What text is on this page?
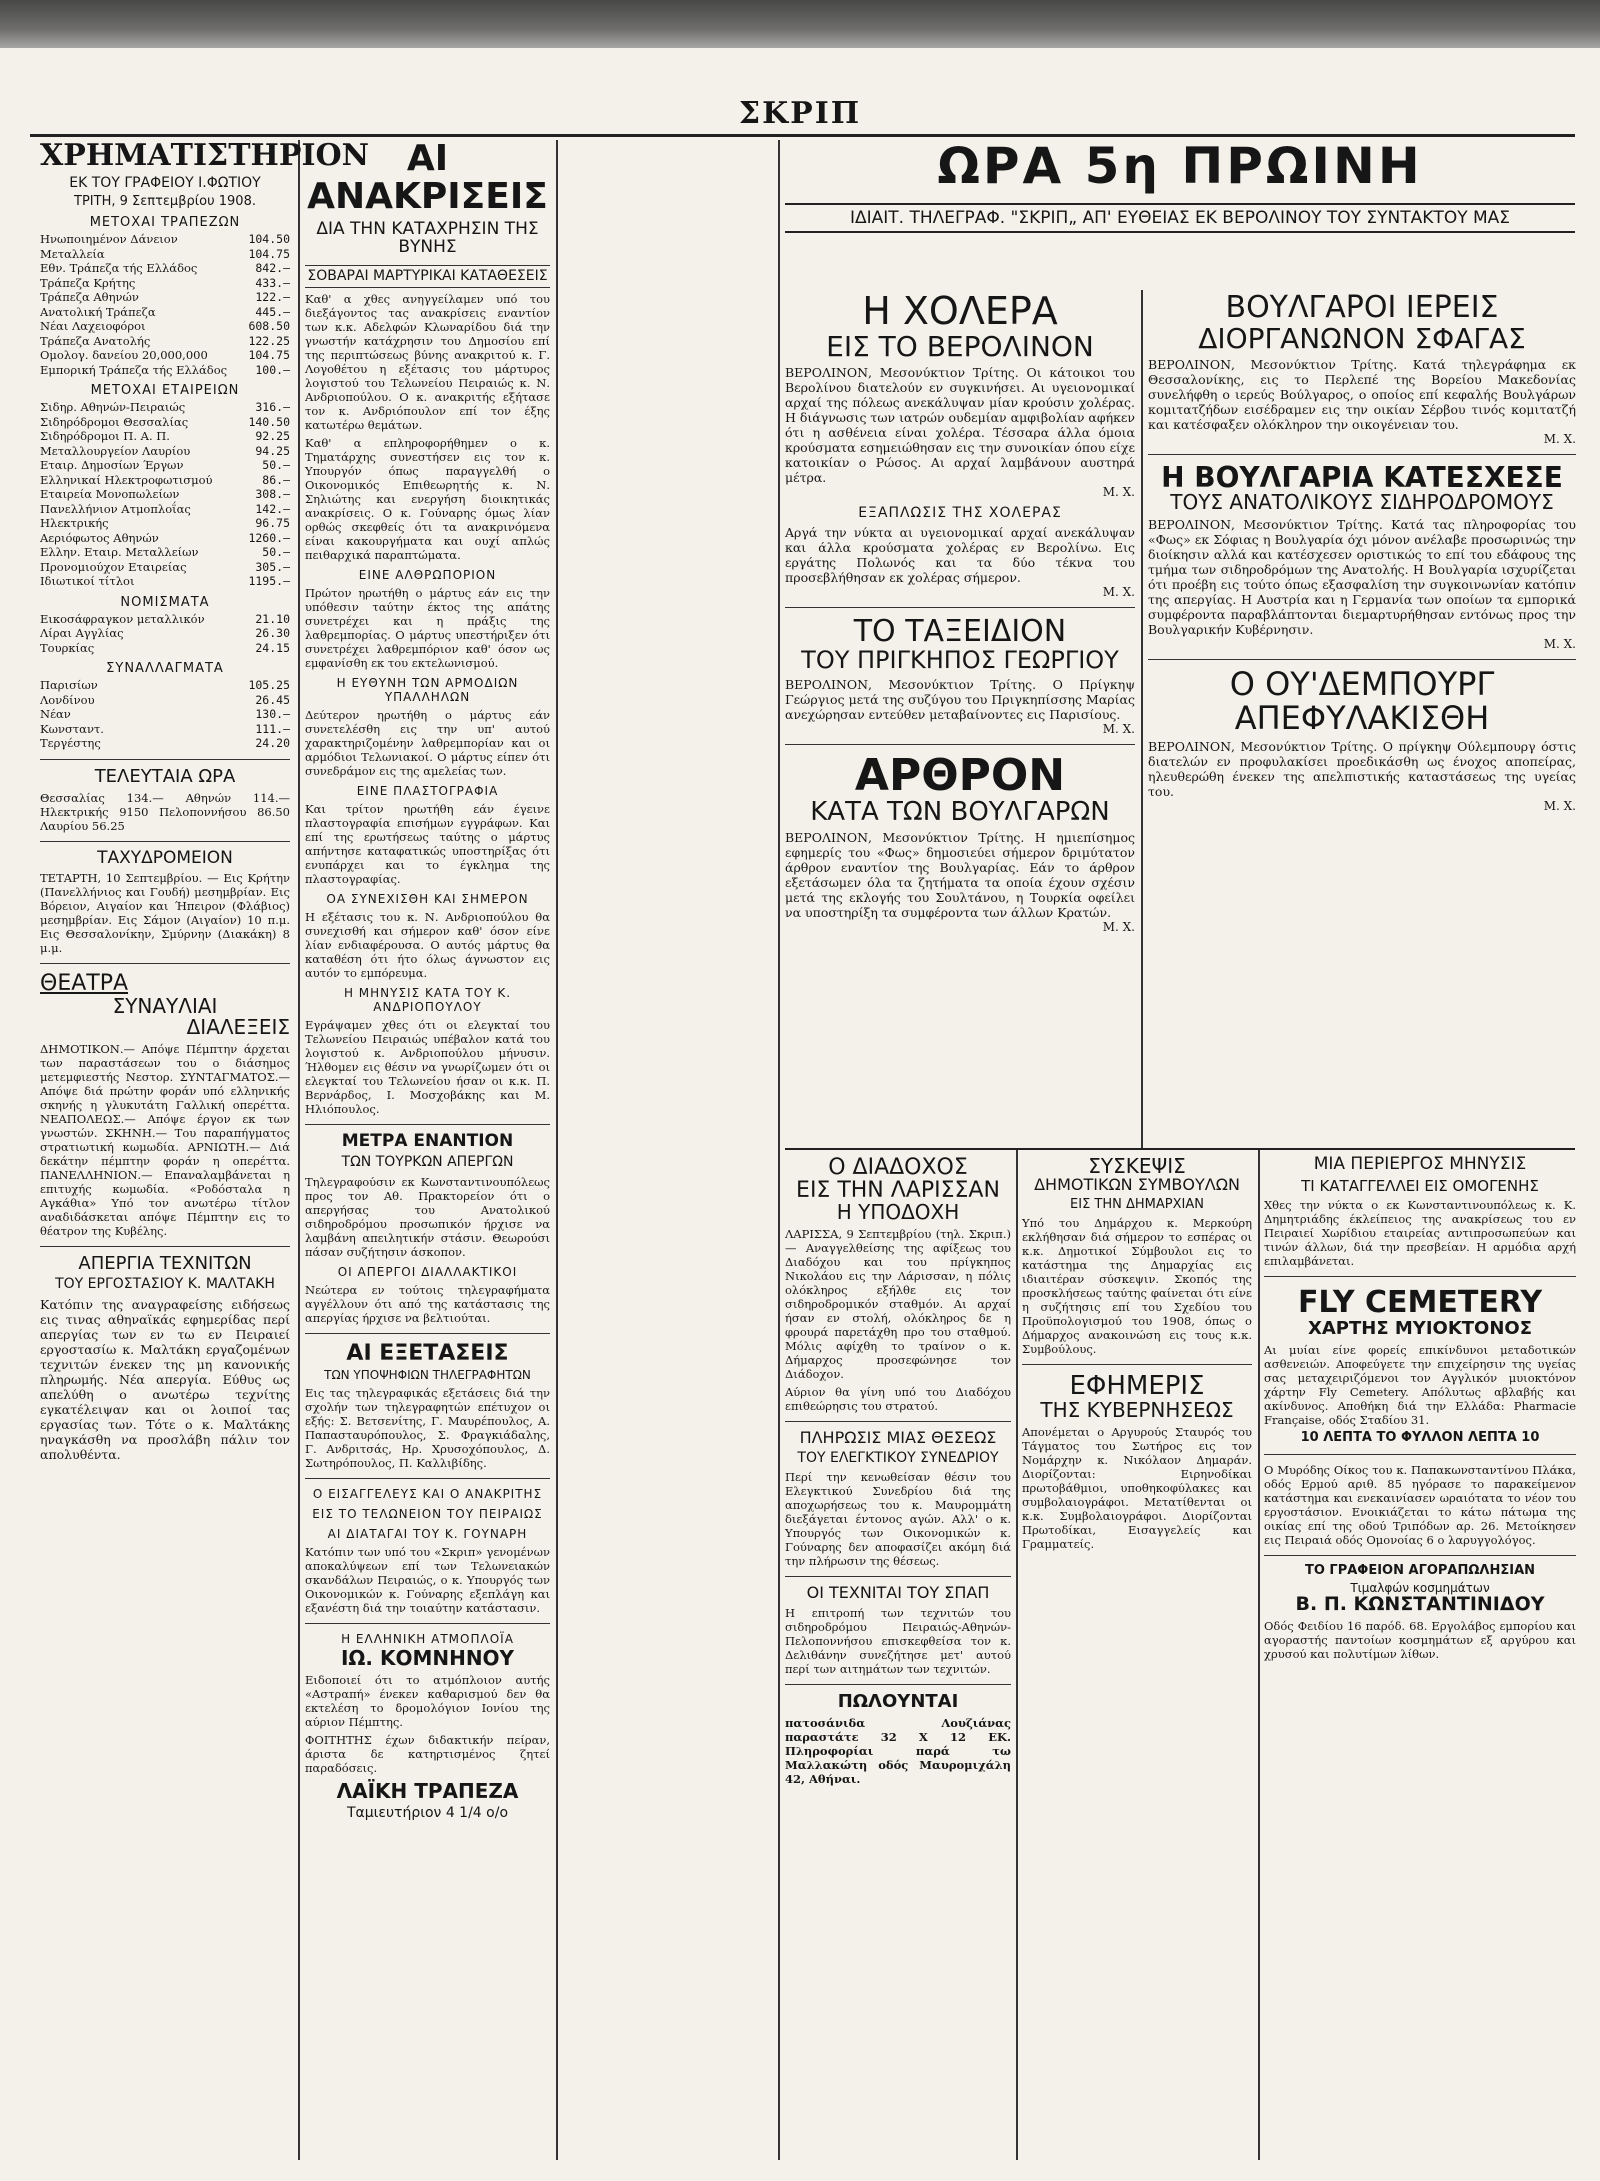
ΣΚΡΙΠ
ΧΡΗΜΑΤΙΣΤΗΡΙΟΝ
ΕΚ ΤΟΥ ΓΡΑΦΕΙΟΥ Ι.ΦΩΤΙΟΥ
ΤΡΙΤΗ, 9 Σεπτεμβρίου 1908.
ΜΕΤΟΧΑΙ ΤΡΑΠΕΖΩΝ
Ηνωποιημένον Δάνειον	104.50
Μεταλλεία	104.75
Εθν. Τράπεζα τής Ελλάδος	842.—
Τράπεζα Κρήτης	433.—
Τράπεζα Αθηνών	122.—
Ανατολική Τράπεζα	445.—
Νέαι Λαχειοφόροι	608.50
Τράπεζα Ανατολής	122.25
Ομολογ. δανείου 20,000,000	104.75
Εμπορική Τράπεζα τής Ελλάδος 100.—
ΜΕΤΟΧΑΙ ΕΤΑΙΡΕΙΩΝ
Σιδηρ. Αθηνών-Πειραιώς	316.—
Σιδηρόδρομοι Θεσσαλίας	140.50
Σιδηρόδρομοι Π. Α. Π.	92.25
Μεταλλουργείον Λαυρίου	94.25
Εταιρ. Δημοσίων Έργων	50.—
Ελληνικαί Ηλεκτροφωτισμού	86.—
Εταιρεία Μονοπωλείων	308.—
Πανελλήνιον Ατμοπλοΐας	142.—
Ηλεκτρικής	96.75
Αεριόφωτος Αθηνών	1260.—
Ελλην. Εταιρ. Μεταλλείων	50.—
Προνομιούχον Εταιρείας	305.—
Ιδιωτικοί τίτλοι	1195.—
ΝΟΜΙΣΜΑΤΑ
Εικοσάφραγκον μεταλλικόν	21.10
Λίραι Αγγλίας	26.30
Τουρκίας	24.15
ΣΥΝΑΛΛΑΓΜΑΤΑ
Παρισίων	105.25
Λονδίνου	26.45
Νέαν	130.—
Κωνσταντ.	111.—
Τεργέστης	24.20
ΤΕΛΕΥΤΑΙΑ ΩΡΑ
Θεσσαλίας 134.— Αθηνών 114.— Ηλεκτρικής 9150 Πελοποννήσου 86.50 Λαυρίου 56.25
ΤΑΧΥΔΡΟΜΕΙΟΝ
ΤΕΤΑΡΤΗ, 10 Σεπτεμβρίου. — Εις Κρήτην (Πανελλήνιος και Γουδή) μεσημβρίαν. Εις Βόρειον, Αιγαίον και Ήπειρον (Φλάβιος) μεσημβρίαν. Εις Σάμον (Αιγαίον) 10 π.μ. Εις Θεσσαλονίκην, Σμύρνην (Διακάκη) 8 μ.μ.
ΘΕΑΤΡΑ
ΣΥΝΑΥΛΙΑΙ
ΔΙΑΛΕΞΕΙΣ
ΔΗΜΟΤΙΚΟΝ.— Απόψε Πέμπτην άρχεται των παραστάσεων του ο διάσημος μετεμφιεστής Νεστορ. ΣΥΝΤΑΓΜΑΤΟΣ.— Απόψε διά πρώτην φοράν υπό ελληνικής σκηνής η γλυκυτάτη Γαλλική οπερέττα. ΝΕΑΠΟΛΕΩΣ.— Απόψε έργον εκ των γνωστών. ΣΚΗΝΗ.— Του παραπήγματος στρατιωτική κωμωδία. ΑΡΝΙΩΤΗ.— Διά δεκάτην πέμπτην φοράν η οπερέττα. ΠΑΝΕΛΛΗΝΙΟΝ.— Επαναλαμβάνεται η επιτυχής κωμωδία. «Ροδόσταλα η Αγκάθια» Υπό τον ανωτέρω τίτλον αναδιδάσκεται απόψε Πέμπτην εις το θέατρον της Κυβέλης.
ΑΠΕΡΓΙΑ ΤΕΧΝΙΤΩΝ
ΤΟΥ ΕΡΓΟΣΤΑΣΙΟΥ Κ. ΜΑΛΤΑΚΗ
Κατόπιν της αναγραφείσης ειδήσεως εις τινας αθηναϊκάς εφημερίδας περί απεργίας των εν τω εν Πειραιεί εργοστασίω κ. Μαλτάκη εργαζομένων τεχνιτών ένεκεν της μη κανονικής πληρωμής. Νέα απεργία. Εύθυς ως απελύθη ο ανωτέρω τεχνίτης εγκατέλειψαν και οι λοιποί τας εργασίας των. Τότε ο κ. Μαλτάκης ηναγκάσθη να προσλάβη πάλιν τον απολυθέντα.
ΑΙ ΑΝΑΚΡΙΣΕΙΣ
ΔΙΑ ΤΗΝ ΚΑΤΑΧΡΗΣΙΝ ΤΗΣ ΒΥΝΗΣ
ΣΟΒΑΡΑΙ ΜΑΡΤΥΡΙΚΑΙ ΚΑΤΑΘΕΣΕΙΣ
Καθ' α χθες ανηγγείλαμεν υπό του διεξάγοντος τας ανακρίσεις εναντίον των κ.κ. Αδελφών Κλωναρίδου διά την γνωστήν κατάχρησιν του Δημοσίου επί της περιπτώσεως βύνης ανακριτού κ. Γ. Λογοθέτου η εξέτασις του μάρτυρος λογιστού του Τελωνείου Πειραιώς κ. Ν. Ανδριοπούλου. Ο κ. ανακριτής εξήτασε τον κ. Ανδριόπουλον επί τον έξης κατωτέρω θεμάτων.
Καθ' α επληροφορήθημεν ο κ. Τηματάρχης συνεστήσεν εις τον κ. Υπουργόν όπως παραγγελθή ο Οικονομικός Επιθεωρητής κ. Ν. Σηλιώτης και ενεργήση διοικητικάς ανακρίσεις. Ο κ. Γούναρης όμως λίαν ορθώς σκεφθείς ότι τα ανακρινόμενα είναι κακουργήματα και ουχί απλώς πειθαρχικά παραπτώματα.
ΕΙΝΕ ΑΛΘΡΩΠΟΡΙΟΝ
Πρώτον ηρωτήθη ο μάρτυς εάν εις την υπόθεσιν ταύτην έκτος της απάτης συνετρέχει και η πράξις της λαθρεμπορίας. Ο μάρτυς υπεστήριξεν ότι συνετρέχει λαθρεμπόριον καθ' όσον ως εμφανίσθη εκ του εκτελωνισμού.
Η ΕΥΘΥΝΗ ΤΩΝ ΑΡΜΟΔΙΩΝ ΥΠΑΛΛΗΛΩΝ
Δεύτερον ηρωτήθη ο μάρτυς εάν συνετελέσθη εις την υπ' αυτού χαρακτηριζομένην λαθρεμπορίαν και οι αρμόδιοι Τελωνιακοί. Ο μάρτυς είπεν ότι συνεδράμον εις της αμελείας των.
ΕΙΝΕ ΠΛΑΣΤΟΓΡΑΦΙΑ
Και τρίτον ηρωτήθη εάν έγεινε πλαστογραφία επισήμων εγγράφων. Και επί της ερωτήσεως ταύτης ο μάρτυς απήντησε καταφατικώς υποστηρίξας ότι ενυπάρχει και το έγκλημα της πλαστογραφίας.
ΟΑ ΣΥΝΕΧΙΣΘΗ ΚΑΙ ΣΗΜΕΡΟΝ
Η εξέτασις του κ. Ν. Ανδριοπούλου θα συνεχισθή και σήμερον καθ' όσον είνε λίαν ενδιαφέρουσα. Ο αυτός μάρτυς θα καταθέση ότι ήτο όλως άγνωστον εις αυτόν το εμπόρευμα.
Η ΜΗΝΥΣΙΣ ΚΑΤΑ ΤΟΥ Κ. ΑΝΔΡΙΟΠΟΥΛΟΥ
Εγράψαμεν χθες ότι οι ελεγκταί του Τελωνείου Πειραιώς υπέβαλον κατά του λογιστού κ. Ανδριοπούλου μήνυσιν. Ήλθομεν εις θέσιν να γνωρίζωμεν ότι οι ελεγκταί του Τελωνείου ήσαν οι κ.κ. Π. Βερνάρδος, Ι. Μοσχοβάκης και Μ. Ηλιόπουλος.
ΜΕΤΡΑ ΕΝΑΝΤΙΟΝ
ΤΩΝ ΤΟΥΡΚΩΝ ΑΠΕΡΓΩΝ
Τηλεγραφούσιν εκ Κωνσταντινουπόλεως προς τον Αθ. Πρακτορείον ότι ο απεργήσας του Ανατολικού σιδηροδρόμου προσωπικόν ήρχισε να λαμβάνη απειλητικήν στάσιν. Θεωρούσι πάσαν συζήτησιν άσκοπον.
ΟΙ ΑΠΕΡΓΟΙ ΔΙΑΛΛΑΚΤΙΚΟΙ
Νεώτερα εν τούτοις τηλεγραφήματα αγγέλλουν ότι από της κατάστασις της απεργίας ήρχισε να βελτιούται.
ΑΙ ΕΞΕΤΑΣΕΙΣ
ΤΩΝ ΥΠΟΨΗΦΙΩΝ ΤΗΛΕΓΡΑΦΗΤΩΝ
Εις τας τηλεγραφικάς εξετάσεις διά την σχολήν των τηλεγραφητών επέτυχον οι εξής: Σ. Βετσενίτης, Γ. Μαυρέπουλος, Α. Παπασταυρόπουλος, Σ. Φραγκιάδαλης, Γ. Ανδριτσάς, Ηρ. Χρυσοχόπουλος, Δ. Σωτηρόπουλος, Π. Καλλιβίδης.
Ο ΕΙΣΑΓΓΕΛΕΥΣ ΚΑΙ Ο ΑΝΑΚΡΙΤΗΣ
ΕΙΣ ΤΟ ΤΕΛΩΝΕΙΟΝ ΤΟΥ ΠΕΙΡΑΙΩΣ
ΑΙ ΔΙΑΤΑΓΑΙ ΤΟΥ Κ. ΓΟΥΝΑΡΗ
Κατόπιν των υπό του «Σκριπ» γενομένων αποκαλύψεων επί των Τελωνειακών σκανδάλων Πειραιώς, ο κ. Υπουργός των Οικονομικών κ. Γούναρης εξεπλάγη και εξανέστη διά την τοιαύτην κατάστασιν.
Η ΕΛΛΗΝΙΚΗ ΑΤΜΟΠΛΟΪΑ
ΙΩ. ΚΟΜΝΗΝΟΥ
Ειδοποιεί ότι το ατμόπλοιον αυτής «Αστραπή» ένεκεν καθαρισμού δεν θα εκτελέση το δρομολόγιον Ιονίου της αύριον Πέμπτης.
ΦΟΙΤΗΤΗΣ έχων διδακτικήν πείραν, άριστα δε κατηρτισμένος ζητεί παραδόσεις.
ΛΑΪΚΗ ΤΡΑΠΕΖΑ
Ταμιευτήριον 4 1/4 ο/ο
ΩΡΑ 5η ΠΡΩΙΝΗ
ΙΔΙΑΙΤ. ΤΗΛΕΓΡΑΦ. "ΣΚΡΙΠ„ ΑΠ' ΕΥΘΕΙΑΣ ΕΚ ΒΕΡΟΛΙΝΟΥ ΤΟΥ ΣΥΝΤΑΚΤΟΥ ΜΑΣ
Η ΧΟΛΕΡΑ
ΕΙΣ ΤΟ ΒΕΡΟΛΙΝΟΝ
ΒΕΡΟΛΙΝΟΝ, Μεσονύκτιον Τρίτης. Οι κάτοικοι του Βερολίνου διατελούν εν συγκινήσει. Αι υγειονομικαί αρχαί της πόλεως ανεκάλυψαν μίαν κρούσιν χολέρας. Η διάγνωσις των ιατρών ουδεμίαν αμφιβολίαν αφήκεν ότι η ασθένεια είναι χολέρα. Τέσσαρα άλλα όμοια κρούσματα εσημειώθησαν εις την συνοικίαν όπου είχε κατοικίαν ο Ρώσος. Αι αρχαί λαμβάνουν αυστηρά μέτρα.
Μ. Χ.
ΕΞΑΠΛΩΣΙΣ ΤΗΣ ΧΟΛΕΡΑΣ
Αργά την νύκτα αι υγειονομικαί αρχαί ανεκάλυψαν και άλλα κρούσματα χολέρας εν Βερολίνω. Εις εργάτης Πολωνός και τα δύο τέκνα του προσεβλήθησαν εκ χολέρας σήμερον.
Μ. Χ.
ΤΟ ΤΑΞΕΙΔΙΟΝ
ΤΟΥ ΠΡΙΓΚΗΠΟΣ ΓΕΩΡΓΙΟΥ
ΒΕΡΟΛΙΝΟΝ, Μεσονύκτιον Τρίτης. Ο Πρίγκηψ Γεώργιος μετά της συζύγου του Πριγκηπίσσης Μαρίας ανεχώρησαν εντεύθεν μεταβαίνοντες εις Παρισίους.
Μ. Χ.
ΑΡΘΡΟΝ
ΚΑΤΑ ΤΩΝ ΒΟΥΛΓΑΡΩΝ
ΒΕΡΟΛΙΝΟΝ, Μεσονύκτιον Τρίτης. Η ημιεπίσημος εφημερίς του «Φως» δημοσιεύει σήμερον δριμύτατον άρθρον εναντίον της Βουλγαρίας. Εάν το άρθρον εξετάσωμεν όλα τα ζητήματα τα οποία έχουν σχέσιν μετά της εκλογής του Σουλτάνου, η Τουρκία οφείλει να υποστηρίξη τα συμφέροντα των άλλων Κρατών.
Μ. Χ.
ΒΟΥΛΓΑΡΟΙ ΙΕΡΕΙΣ
ΔΙΟΡΓΑΝΩΝΟΝ ΣΦΑΓΑΣ
ΒΕΡΟΛΙΝΟΝ, Μεσονύκτιον Τρίτης. Κατά τηλεγράφημα εκ Θεσσαλονίκης, εις το Περλεπέ της Βορείου Μακεδονίας συνελήφθη ο ιερεύς Βούλγαρος, ο οποίος επί κεφαλής Βουλγάρων κομιτατζήδων εισέδραμεν εις την οικίαν Σέρβου τινός κομιτατζή και κατέσφαξεν ολόκληρον την οικογένειαν του.
Μ. Χ.
Η ΒΟΥΛΓΑΡΙΑ ΚΑΤΕΣΧΕΣΕ
ΤΟΥΣ ΑΝΑΤΟΛΙΚΟΥΣ ΣΙΔΗΡΟΔΡΟΜΟΥΣ
ΒΕΡΟΛΙΝΟΝ, Μεσονύκτιον Τρίτης. Κατά τας πληροφορίας του «Φως» εκ Σόφιας η Βουλγαρία όχι μόνον ανέλαβε προσωρινώς την διοίκησιν αλλά και κατέσχεσεν οριστικώς το επί του εδάφους της τμήμα των σιδηροδρόμων της Ανατολής. Η Βουλγαρία ισχυρίζεται ότι προέβη εις τούτο όπως εξασφαλίση την συγκοινωνίαν κατόπιν της απεργίας. Η Αυστρία και η Γερμανία των οποίων τα εμπορικά συμφέροντα παραβλάπτονται διεμαρτυρήθησαν εντόνως προς την Βουλγαρικήν Κυβέρνησιν.
Μ. Χ.
Ο ΟΥ'ΔΕΜΠΟΥΡΓ
ΑΠΕΦΥΛΑΚΙΣΘΗ
ΒΕΡΟΛΙΝΟΝ, Μεσονύκτιον Τρίτης. Ο πρίγκηψ Ούλεμπουργ όστις διατελών εν προφυλακίσει προεδικάσθη ως ένοχος αποπείρας, ηλευθερώθη ένεκεν της απελπιστικής καταστάσεως της υγείας του.
Μ. Χ.
Ο ΔΙΑΔΟΧΟΣ
ΕΙΣ ΤΗΝ ΛΑΡΙΣΣΑΝ
Η ΥΠΟΔΟΧΗ
ΛΑΡΙΣΣΑ, 9 Σεπτεμβρίου (τηλ. Σκριπ.) — Αναγγελθείσης της αφίξεως του Διαδόχου και του πρίγκηπος Νικολάου εις την Λάρισσαν, η πόλις ολόκληρος εξήλθε εις τον σιδηροδρομικόν σταθμόν. Αι αρχαί ήσαν εν στολή, ολόκληρος δε η φρουρά παρετάχθη προ του σταθμού. Μόλις αφίχθη το τραίνον ο κ. Δήμαρχος προσεφώνησε τον Διάδοχον.
Αύριον θα γίνη υπό του Διαδόχου επιθεώρησις του στρατού.
ΠΛΗΡΩΣΙΣ ΜΙΑΣ ΘΕΣΕΩΣ
ΤΟΥ ΕΛΕΓΚΤΙΚΟΥ ΣΥΝΕΔΡΙΟΥ
Περί την κενωθείσαν θέσιν του Ελεγκτικού Συνεδρίου διά της αποχωρήσεως του κ. Μαυρομμάτη διεξάγεται έντονος αγών. Αλλ' ο κ. Υπουργός των Οικονομικών κ. Γούναρης δεν αποφασίζει ακόμη διά την πλήρωσιν της θέσεως.
ΟΙ ΤΕΧΝΙΤΑΙ ΤΟΥ ΣΠΑΠ
Η επιτροπή των τεχνιτών του σιδηροδρόμου Πειραιώς-Αθηνών-Πελοποννήσου επισκεφθείσα τον κ. Δελιθάνην συνεζήτησε μετ' αυτού περί των αιτημάτων των τεχνιτών.
ΠΩΛΟΥΝΤΑΙ
πατοσάνιδα Λουζιάνας παραστάτε 32 Χ 12 ΕΚ. Πληροφορίαι παρά τω Μαλλακώτη οδός Μαυρομιχάλη 42, Αθήναι.
ΣΥΣΚΕΨΙΣ
ΔΗΜΟΤΙΚΩΝ ΣΥΜΒΟΥΛΩΝ
ΕΙΣ ΤΗΝ ΔΗΜΑΡΧΙΑΝ
Υπό του Δημάρχου κ. Μερκούρη εκλήθησαν διά σήμερον το εσπέρας οι κ.κ. Δημοτικοί Σύμβουλοι εις το κατάστημα της Δημαρχίας εις ιδιαιτέραν σύσκεψιν. Σκοπός της προσκλήσεως ταύτης φαίνεται ότι είνε η συζήτησις επί του Σχεδίου του Προϋπολογισμού του 1908, όπως ο Δήμαρχος ανακοινώση εις τους κ.κ. Συμβούλους.
ΕΦΗΜΕΡΙΣ
ΤΗΣ ΚΥΒΕΡΝΗΣΕΩΣ
Απονέμεται ο Αργυρούς Σταυρός του Τάγματος του Σωτήρος εις τον Νομάρχην κ. Νικόλαον Δημαράν. Διορίζονται: Ειρηνοδίκαι πρωτοβάθμιοι, υποθηκοφύλακες και συμβολαιογράφοι. Μετατίθενται οι κ.κ. Συμβολαιογράφοι. Διορίζονται Πρωτοδίκαι, Εισαγγελείς και Γραμματείς.
ΜΙΑ ΠΕΡΙΕΡΓΟΣ ΜΗΝΥΣΙΣ
ΤΙ ΚΑΤΑΓΓΕΛΛΕΙ ΕΙΣ ΟΜΟΓΕΝΗΣ
Χθες την νύκτα ο εκ Κωνσταντινουπόλεως κ. Κ. Δημητριάδης έκλείπειος της ανακρίσεως του εν Πειραιεί Χωρίδιου εταιρείας αντιπροσωπεύων και τινών άλλων, διά την πρεσβείαν. Η αρμόδια αρχή επιλαμβάνεται.
FLY CEMETERY
ΧΑΡΤΗΣ ΜΥΙΟΚΤΟΝΟΣ
Αι μυίαι είνε φορείς επικίνδυνοι μεταδοτικών ασθενειών. Αποφεύγετε την επιχείρησιν της υγείας σας μεταχειριζόμενοι τον Αγγλικόν μυιοκτόνον χάρτην Fly Cemetery. Απόλυτως αβλαβής και ακίνδυνος. Αποθήκη διά την Ελλάδα: Pharmacie Française, οδός Σταδίου 31.
10 ΛΕΠΤΑ ΤΟ ΦΥΛΛΟΝ ΛΕΠΤΑ 10
Ο Μυρόδης Οίκος του κ. Παπακωνσταντίνου Πλάκα, οδός Ερμού αριθ. 85 ηγόρασε το παρακείμενον κατάστημα και ενεκαινίασεν ωραιότατα το νέον του εργοστάσιον. Ενοικιάζεται το κάτω πάτωμα της οικίας επί της οδού Τριπόδων αρ. 26. Μετοίκησεν εις Πειραιά οδός Ομονοίας 6 ο λαρυγγολόγος.
ΤΟ ΓΡΑΦΕΙΟΝ ΑΓΟΡΑΠΩΛΗΣΙΑΝ
Τιμαλφών κοσμημάτων
Β. Π. ΚΩΝΣΤΑΝΤΙΝΙΔΟΥ
Οδός Φειδίου 16 παρόδ. 68. Εργολάβος εμπορίου και αγοραστής παντοίων κοσμημάτων εξ αργύρου και χρυσού και πολυτίμων λίθων.
